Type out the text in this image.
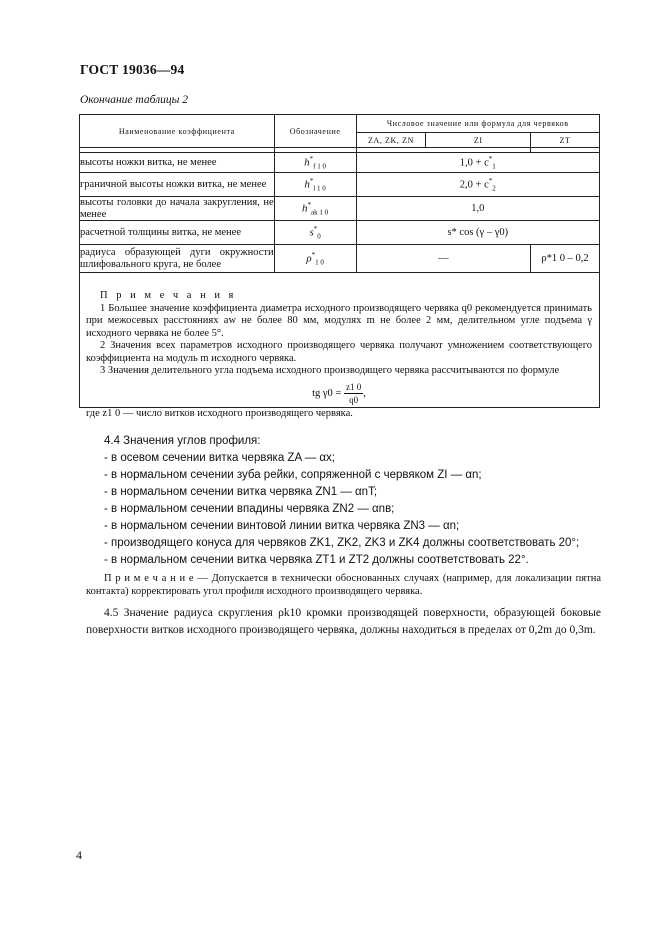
ГОСТ 19036—94
Окончание таблицы 2
Наименование коэффициента	Обозначение	Числовое значение или формула для червяков		
		ZA, ZK, ZN	ZI	ZT

высоты ножки витка, не менее	$h^*_{f 1 0}$	$1,0 + c^*_1$
граничной высоты ножки витка, не менее	$h^*_{l 1 0}$	$2,0 + c^*_2$
высоты головки до начала закругления, не менее	$h^*_{ak 1 0}$	1,0		
расчетной толщины витка, не менее	$s^*_0$	s* cos (γ – γ0)		
радиуса образующей дуги окружности шлифовального круга, не более	$\rho^*_{1 0}$	—		ρ*1 0 – 0,2

П р и м е ч а н и я

1 Большее значение коэффициента диаметра исходного производящего червяка q0 рекомендуется принимать при межосевых расстояниях aw не более 80 мм, модулях m не более 2 мм, делительном угле подъема γ исходного червяка не более 5°.

2 Значения всех параметров исходного производящего червяка получают умножением соответствующего коэффициента на модуль m исходного червяка.

3 Значения делительного угла подъема исходного производящего червяка рассчитываются по формуле

tg $\gamma 0 = \frac{z1 0}{q0}$ ,

где z1 0 — число витков исходного производящего червяка.

4.4 Значения углов профиля:
- в осевом сечении витка червяка ZA — αx;
- в нормальном сечении зуба рейки, сопряженной с червяком ZI — αn;
- в нормальном сечении витка червяка ZN1 — αnT;
- в нормальном сечении впадины червяка ZN2 — αnв;
- в нормальном сечении винтовой линии витка червяка ZN3 — αn;
- производящего конуса для червяков ZK1, ZK2, ZK3 и ZK4 должны соответствовать 20°;
- в нормальном сечении витка червяка ZT1 и ZT2 должны соответствовать 22°.
П р и м е ч а н и е — Допускается в технически обоснованных случаях (например, для локализации пятна контакта) корректировать угол профиля исходного производящего червяка.
4.5 Значение радиуса скругления ρk10 кромки производящей поверхности, образующей боковые поверхности витков исходного производящего червяка, должны находиться в пределах от 0,2m до 0,3m.
4
